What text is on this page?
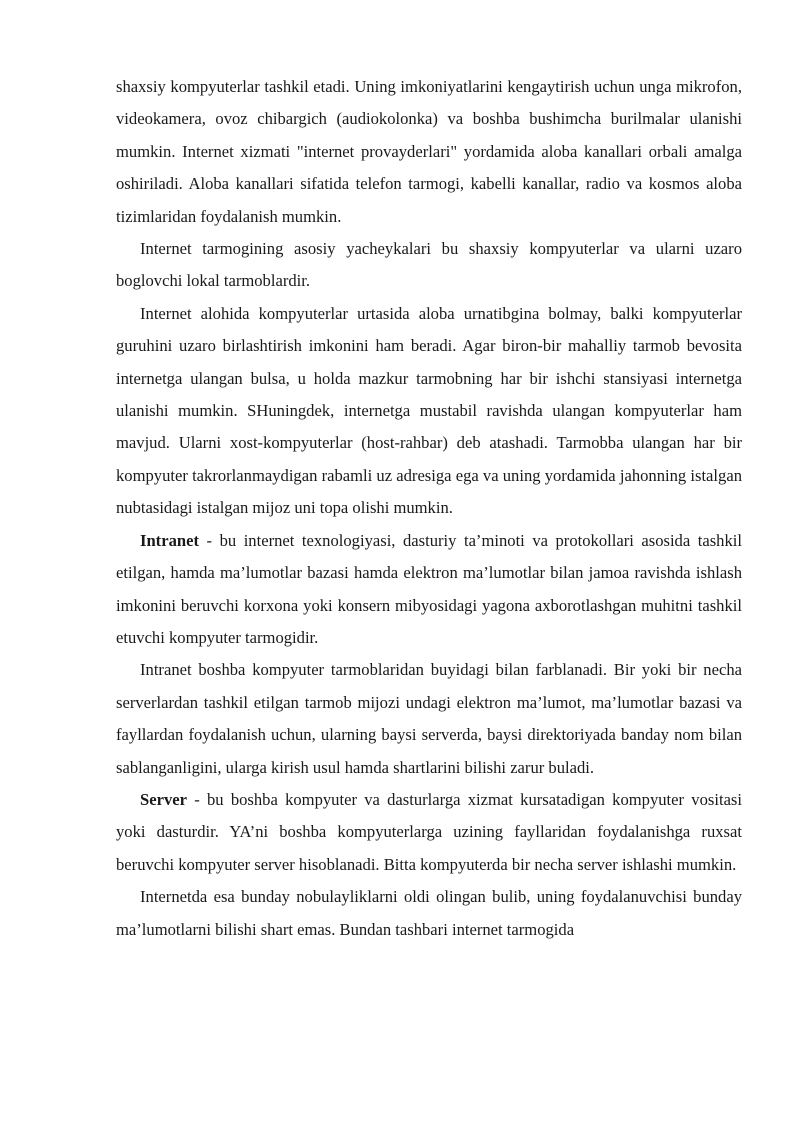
shaxsiy kompyuterlar tashkil etadi. Uning imkoniyatlarini kengaytirish uchun unga mikrofon, videokamera, ovoz chibargich (audiokolonka) va boshba bushimcha burilmalar ulanishi mumkin. Internet xizmati "internet provayderlari" yordamida aloba kanallari orbali amalga oshiriladi. Aloba kanallari sifatida telefon tarmogi, kabelli kanallar, radio va kosmos aloba tizimlaridan foydalanish mumkin.

Internet tarmogining asosiy yacheykalari bu shaxsiy kompyuterlar va ularni uzaro boglovchi lokal tarmoblardir.

Internet alohida kompyuterlar urtasida aloba urnatibgina bolmay, balki kompyuterlar guruhini uzaro birlashtirish imkonini ham beradi. Agar biron-bir mahalliy tarmob bevosita internetga ulangan bulsa, u holda mazkur tarmobning har bir ishchi stansiyasi internetga ulanishi mumkin. SHuningdek, internetga mustabil ravishda ulangan kompyuterlar ham mavjud. Ularni xost-kompyuterlar (host-rahbar) deb atashadi. Tarmobba ulangan har bir kompyuter takrorlanmaydigan rabamli uz adresiga ega va uning yordamida jahonning istalgan nubtasidagi istalgan mijoz uni topa olishi mumkin.

Intranet - bu internet texnologiyasi, dasturiy ta’minoti va protokollari asosida tashkil etilgan, hamda ma’lumotlar bazasi hamda elektron ma’lumotlar bilan jamoa ravishda ishlash imkonini beruvchi korxona yoki konsern mibyosidagi yagona axborotlashgan muhitni tashkil etuvchi kompyuter tarmogidir.

Intranet boshba kompyuter tarmoblaridan buyidagi bilan farblanadi. Bir yoki bir necha serverlardan tashkil etilgan tarmob mijozi undagi elektron ma’lumot, ma’lumotlar bazasi va fayllardan foydalanish uchun, ularning baysi serverda, baysi direktoriyada banday nom bilan sablanganligini, ularga kirish usul hamda shartlarini bilishi zarur buladi.

Server - bu boshba kompyuter va dasturlarga xizmat kursatadigan kompyuter vositasi yoki dasturdir. YA’ni boshba kompyuterlarga uzining fayllaridan foydalanishga ruxsat beruvchi kompyuter server hisoblanadi. Bitta kompyuterda bir necha server ishlashi mumkin.

Internetda esa bunday nobulayliklarni oldi olingan bulib, uning foydalanuvchisi bunday ma’lumotlarni bilishi shart emas. Bundan tashbari internet tarmogida
